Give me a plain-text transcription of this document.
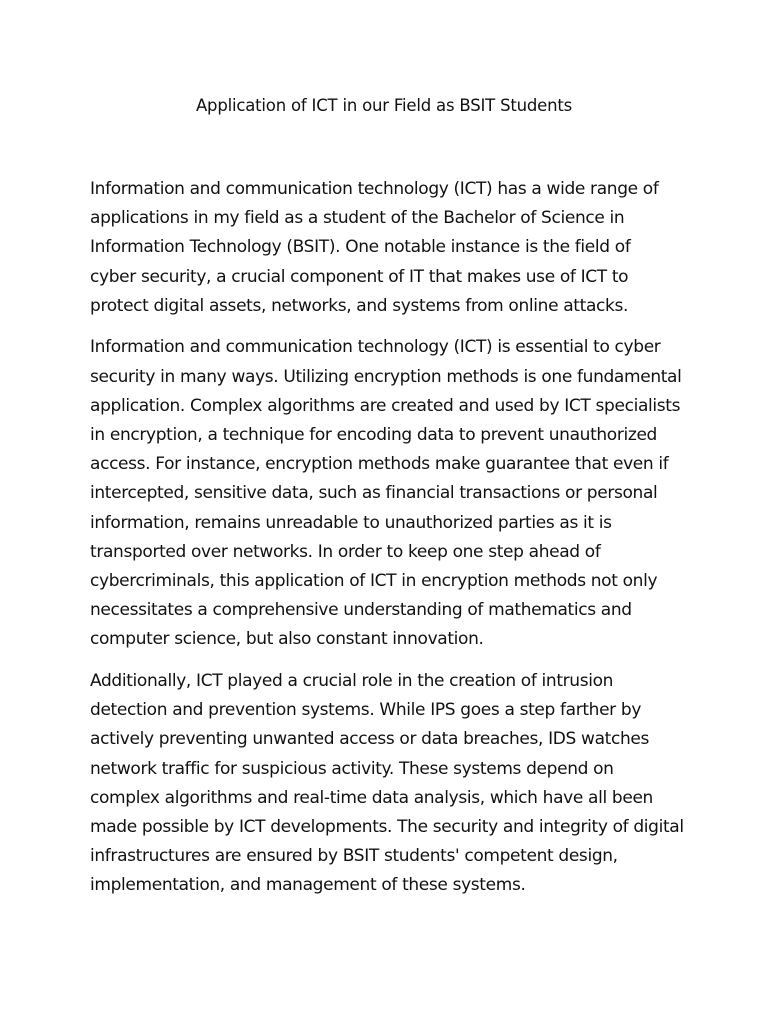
Application of ICT in our Field as BSIT Students

Information and communication technology (ICT) has a wide range of
applications in my field as a student of the Bachelor of Science in
Information Technology (BSIT). One notable instance is the field of
cyber security, a crucial component of IT that makes use of ICT to
protect digital assets, networks, and systems from online attacks.

Information and communication technology (ICT) is essential to cyber
security in many ways. Utilizing encryption methods is one fundamental
application. Complex algorithms are created and used by ICT specialists
in encryption, a technique for encoding data to prevent unauthorized
access. For instance, encryption methods make guarantee that even if
intercepted, sensitive data, such as financial transactions or personal
information, remains unreadable to unauthorized parties as it is
transported over networks. In order to keep one step ahead of
cybercriminals, this application of ICT in encryption methods not only
necessitates a comprehensive understanding of mathematics and
computer science, but also constant innovation.

Additionally, ICT played a crucial role in the creation of intrusion
detection and prevention systems. While IPS goes a step farther by
actively preventing unwanted access or data breaches, IDS watches
network traffic for suspicious activity. These systems depend on
complex algorithms and real-time data analysis, which have all been
made possible by ICT developments. The security and integrity of digital
infrastructures are ensured by BSIT students' competent design,
implementation, and management of these systems.
